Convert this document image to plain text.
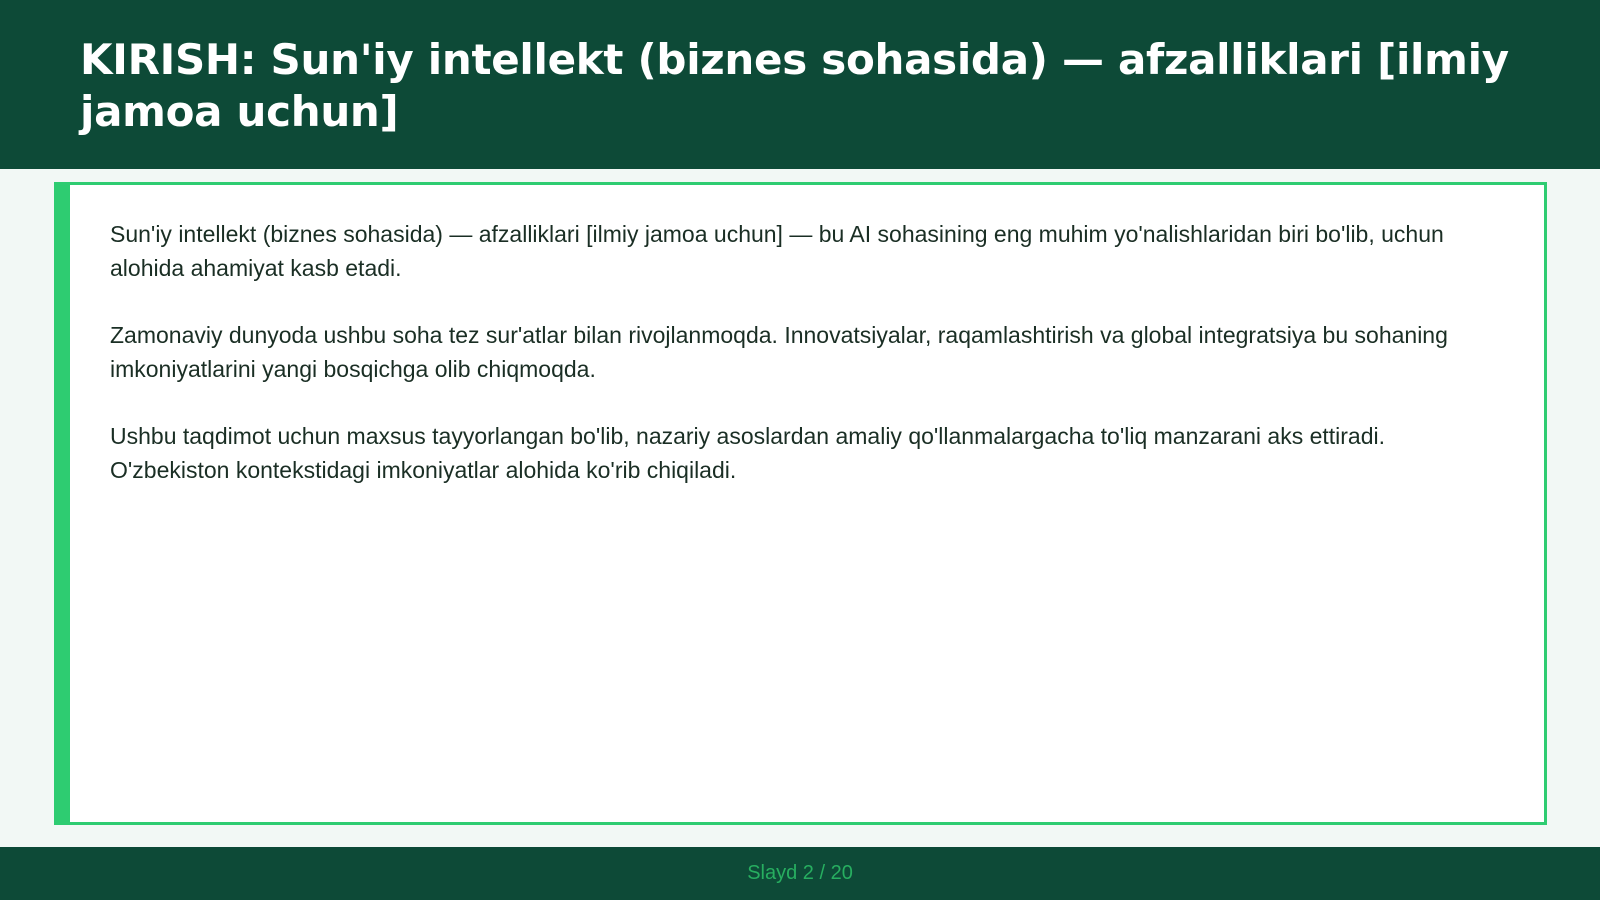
KIRISH: Sun'iy intellekt (biznes sohasida) — afzalliklari [ilmiy jamoa uchun]

Sun'iy intellekt (biznes sohasida) — afzalliklari [ilmiy jamoa uchun] — bu AI sohasining eng muhim yo'nalishlaridan biri bo'lib, uchun alohida ahamiyat kasb etadi.

Zamonaviy dunyoda ushbu soha tez sur'atlar bilan rivojlanmoqda. Innovatsiyalar, raqamlashtirish va global integratsiya bu sohaning imkoniyatlarini yangi bosqichga olib chiqmoqda.

Ushbu taqdimot uchun maxsus tayyorlangan bo'lib, nazariy asoslardan amaliy qo'llanmalargacha to'liq manzarani aks ettiradi. O'zbekiston kontekstidagi imkoniyatlar alohida ko'rib chiqiladi.

Slayd 2 / 20
